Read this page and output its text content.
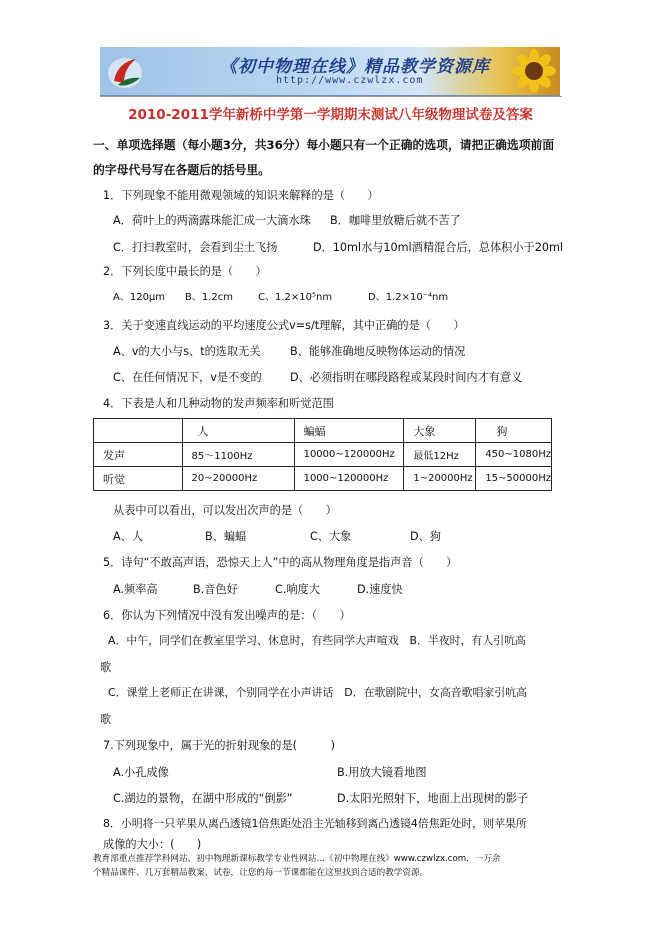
《初中物理在线》精品教学资源库
http://www.czwlzx.com
2010-2011学年新桥中学第一学期期末测试八年级物理试卷及答案
一、单项选择题（每小题3分，共36分）每小题只有一个正确的选项，请把正确选项前面
的字母代号写在各题后的括号里。
1．下列现象不能用微观领域的知识来解释的是（　　）
A．荷叶上的两滴露珠能汇成一大滴水珠 B．咖啡里放糖后就不苦了
C．打扫教室时，会看到尘土飞扬	D．10ml水与10ml酒精混合后，总体积小于20ml
2．下列长度中最长的是（　　）
A、120μm B、1.2cm C、1.2×10⁵nm	D、1.2×10⁻⁴nm
3．关于变速直线运动的平均速度公式v=s/t理解，其中正确的是（　　）
A、v的大小与s、t的选取无关	B、能够准确地反映物体运动的情况
C、在任何情况下，v是不变的	D、必须指明在哪段路程或某段时间内才有意义
4．下表是人和几种动物的发声频率和听觉范围
	人	蝙蝠	大象	狗
发声	85～1100Hz	10000~120000Hz	最低12Hz	450~1080Hz
听觉	20~20000Hz	1000~120000Hz	1~20000Hz	15~50000Hz
从表中可以看出，可以发出次声的是（　　）
A、人	B、蝙蝠	C、大象	D、狗
5．诗句“不敢高声语，恐惊天上人”中的高从物理角度是指声音（　　）
A.频率高	B.音色好	C.响度大	D.速度快
6．你认为下列情况中没有发出噪声的是：（　　）
A．中午，同学们在教室里学习、休息时，有些同学大声喧戏　B．半夜时，有人引吭高
歌
C．课堂上老师正在讲课，个别同学在小声讲话　D．在歌剧院中，女高音歌唱家引吭高
歌
7.下列现象中，属于光的折射现象的是(　　　)
A.小孔成像	B.用放大镜看地图
C.湖边的景物，在湖中形成的“倒影”	D.太阳光照射下，地面上出现树的影子
8．小明将一只苹果从离凸透镜1倍焦距处沿主光轴移到离凸透镜4倍焦距处时，则苹果所
成像的大小：(　　)
教育部重点推荐学科网站、初中物理新课标教学专业性网站…《初中物理在线》www.czwlzx.com．一万余
个精品课件、几万套精品教案、试卷，让您的每一节课都能在这里找到合适的教学资源。
